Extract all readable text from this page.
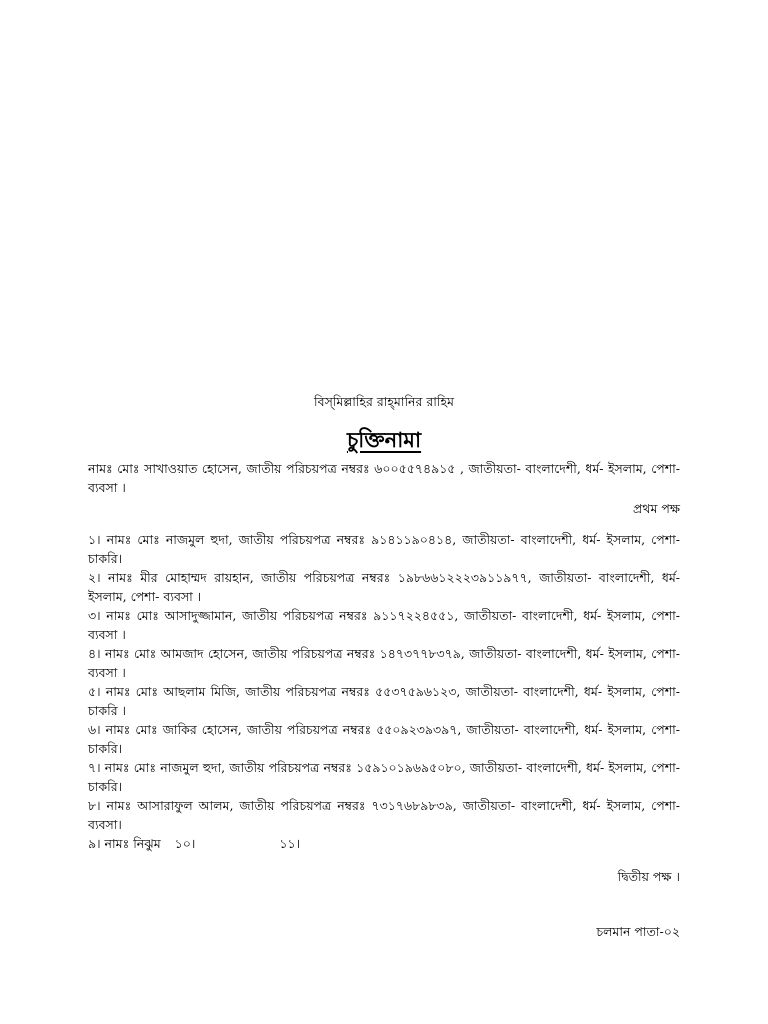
বিস্‌মিল্লাহির রাহ্‌মানির রাহিম

চুক্তিনামা

নামঃ মোঃ সাখাওয়াত হোসেন, জাতীয় পরিচয়পত্র নম্বরঃ ৬০০৫৫৭৪৯১৫ , জাতীয়তা- বাংলাদেশী, ধর্ম- ইসলাম, পেশা- ব্যবসা ।

প্রথম পক্ষ

১। নামঃ মোঃ নাজমুল হুদা, জাতীয় পরিচয়পত্র নম্বরঃ ৯১৪১১৯০৪১৪, জাতীয়তা- বাংলাদেশী, ধর্ম- ইসলাম, পেশা- চাকরি।
২। নামঃ মীর মোহাম্মদ রায়হান, জাতীয় পরিচয়পত্র নম্বরঃ ১৯৮৬৬১২২২৩৯১১৯৭৭, জাতীয়তা- বাংলাদেশী, ধর্ম- ইসলাম, পেশা- ব্যবসা ।
৩। নামঃ মোঃ আসাদুজ্জামান, জাতীয় পরিচয়পত্র নম্বরঃ ৯১১৭২২৪৫৫১, জাতীয়তা- বাংলাদেশী, ধর্ম- ইসলাম, পেশা- ব্যবসা ।
৪। নামঃ মোঃ আমজাদ হোসেন, জাতীয় পরিচয়পত্র নম্বরঃ ১৪৭৩৭৭৮৩৭৯, জাতীয়তা- বাংলাদেশী, ধর্ম- ইসলাম, পেশা- ব্যবসা ।
৫। নামঃ মোঃ আছলাম মিজি, জাতীয় পরিচয়পত্র নম্বরঃ ৫৫৩৭৫৯৬১২৩, জাতীয়তা- বাংলাদেশী, ধর্ম- ইসলাম, পেশা- চাকরি ।
৬। নামঃ মোঃ জাকির হোসেন, জাতীয় পরিচয়পত্র নম্বরঃ ৫৫০৯২৩৯৩৯৭, জাতীয়তা- বাংলাদেশী, ধর্ম- ইসলাম, পেশা- চাকরি।
৭। নামঃ মোঃ নাজমুল হুদা, জাতীয় পরিচয়পত্র নম্বরঃ ১৫৯১০১৯৬৯৫০৮০, জাতীয়তা- বাংলাদেশী, ধর্ম- ইসলাম, পেশা- চাকরি।
৮। নামঃ আসারাফুল আলম, জাতীয় পরিচয়পত্র নম্বরঃ ৭৩১৭৬৮৯৮৩৯, জাতীয়তা- বাংলাদেশী, ধর্ম- ইসলাম, পেশা- ব্যবসা।

৯। নামঃ নিঝুম ১০।	১১।

দ্বিতীয় পক্ষ ।

চলমান পাতা-০২
